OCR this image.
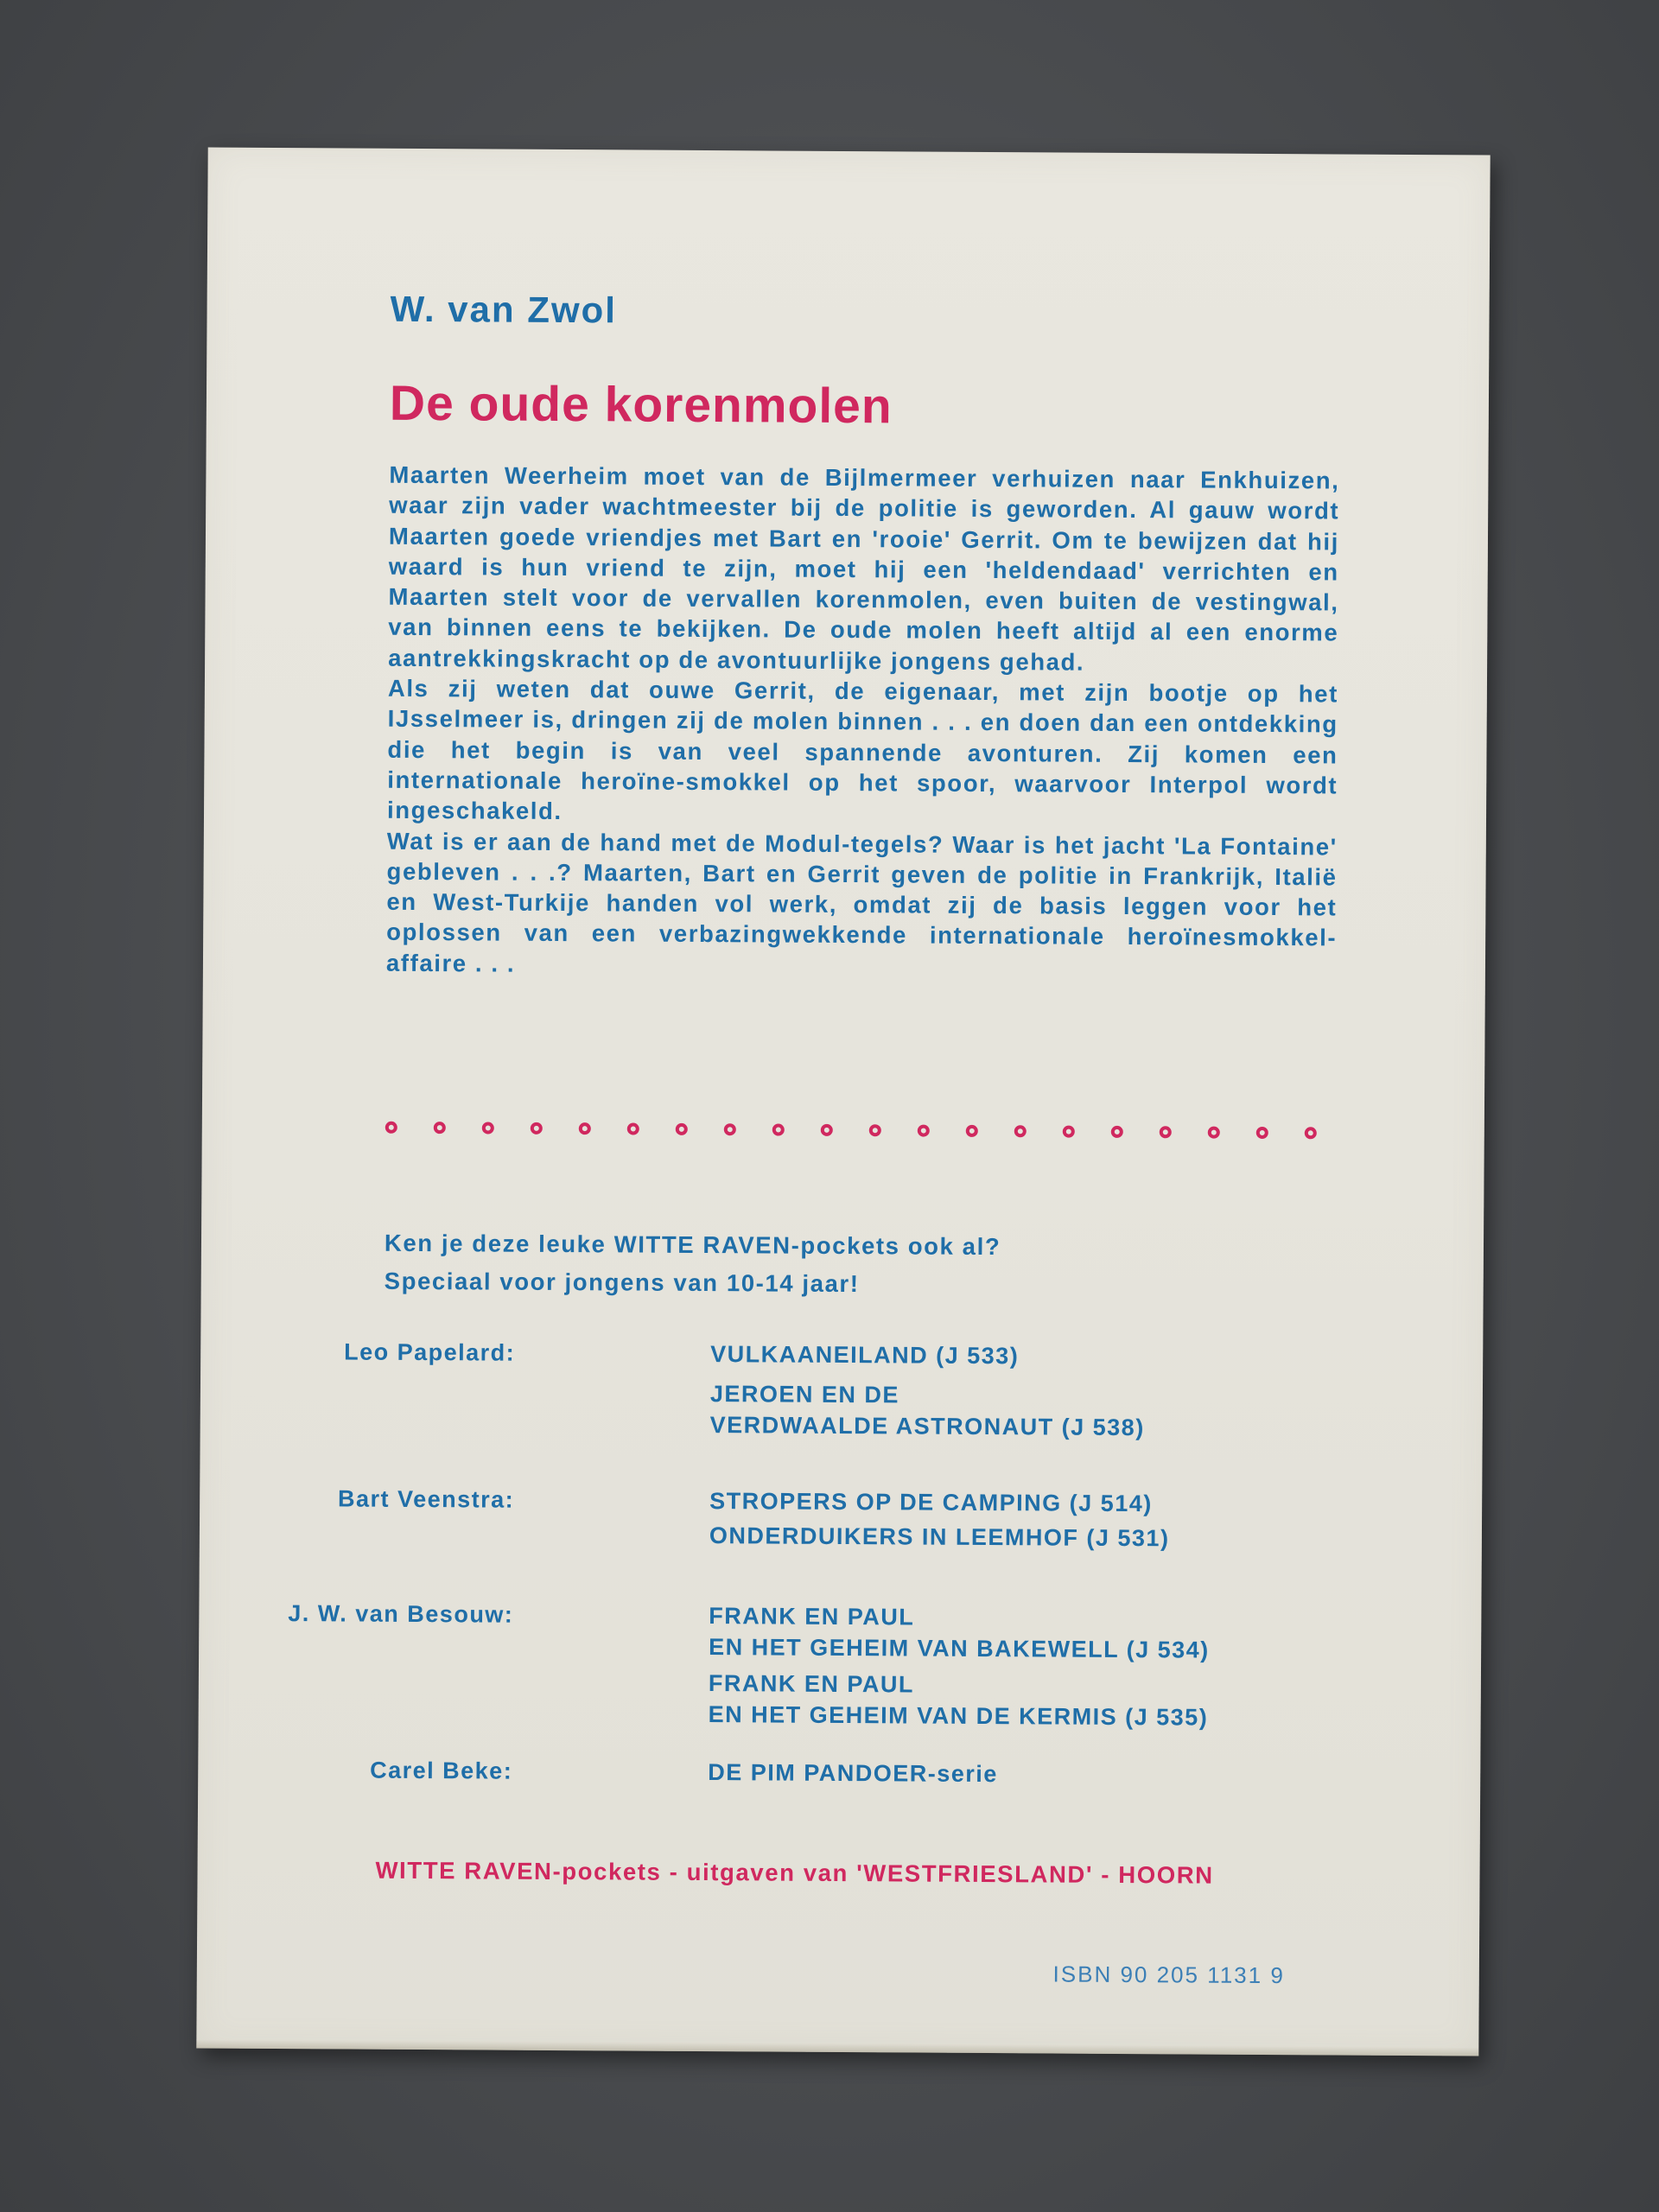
W. van Zwol

De oude korenmolen

Maarten Weerheim moet van de Bijlmermeer verhuizen naar Enkhuizen, waar zijn vader wachtmeester bij de politie is geworden. Al gauw wordt Maarten goede vriendjes met Bart en 'rooie' Gerrit. Om te bewijzen dat hij waard is hun vriend te zijn, moet hij een 'heldendaad' verrichten en Maarten stelt voor de vervallen korenmolen, even buiten de vestingwal, van binnen eens te bekijken. De oude molen heeft altijd al een enorme aantrekkingskracht op de avontuurlijke jongens gehad.
Als zij weten dat ouwe Gerrit, de eigenaar, met zijn bootje op het IJsselmeer is, dringen zij de molen binnen . . . en doen dan een ontdekking die het begin is van veel spannende avonturen. Zij komen een internationale heroïne-smokkel op het spoor, waarvoor Interpol wordt ingeschakeld.
Wat is er aan de hand met de Modul-tegels? Waar is het jacht 'La Fontaine' gebleven . . .? Maarten, Bart en Gerrit geven de politie in Frankrijk, Italië en West-Turkije handen vol werk, omdat zij de basis leggen voor het oplossen van een verbazingwekkende internationale heroïnesmokkel-affaire . . .

Ken je deze leuke WITTE RAVEN-pockets ook al?
Speciaal voor jongens van 10-14 jaar!
Leo Papelard:	VULKAANEILAND (J 533)
JEROEN EN DE
VERDWAALDE ASTRONAUT (J 538)
Bart Veenstra:	STROPERS OP DE CAMPING (J 514)
ONDERDUIKERS IN LEEMHOF (J 531)
J. W. van Besouw:	FRANK EN PAUL
EN HET GEHEIM VAN BAKEWELL (J 534)
FRANK EN PAUL
EN HET GEHEIM VAN DE KERMIS (J 535)
Carel Beke:	DE PIM PANDOER-serie

WITTE RAVEN-pockets - uitgaven van 'WESTFRIESLAND' - HOORN

ISBN 90 205 1131 9
